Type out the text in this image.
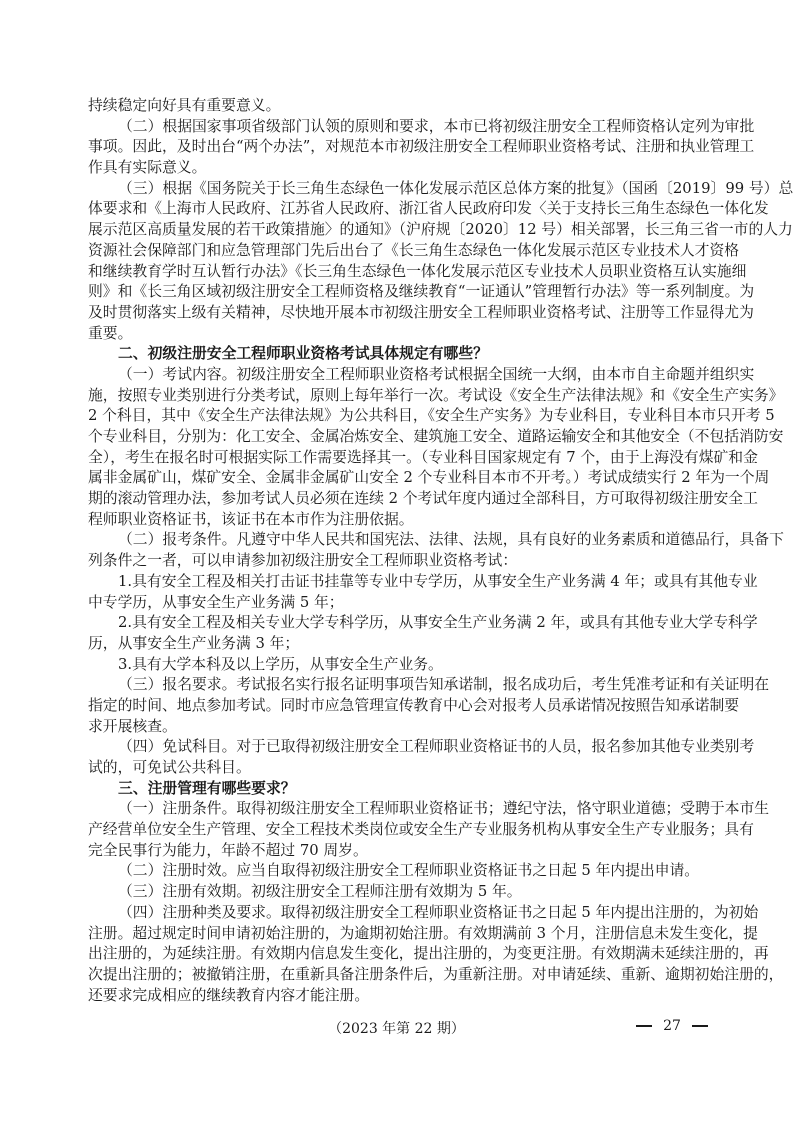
持续稳定向好具有重要意义。
（二）根据国家事项省级部门认领的原则和要求，本市已将初级注册安全工程师资格认定列为审批
事项。因此，及时出台“两个办法”，对规范本市初级注册安全工程师职业资格考试、注册和执业管理工
作具有实际意义。
（三）根据《国务院关于长三角生态绿色一体化发展示范区总体方案的批复》（国函〔2019〕99 号）总
体要求和《上海市人民政府、江苏省人民政府、浙江省人民政府印发〈关于支持长三角生态绿色一体化发
展示范区高质量发展的若干政策措施〉的通知》（沪府规〔2020〕12 号）相关部署，长三角三省一市的人力
资源社会保障部门和应急管理部门先后出台了《长三角生态绿色一体化发展示范区专业技术人才资格
和继续教育学时互认暂行办法》《长三角生态绿色一体化发展示范区专业技术人员职业资格互认实施细
则》和《长三角区域初级注册安全工程师资格及继续教育“一证通认”管理暂行办法》等一系列制度。为
及时贯彻落实上级有关精神，尽快地开展本市初级注册安全工程师职业资格考试、注册等工作显得尤为
重要。
二、初级注册安全工程师职业资格考试具体规定有哪些？
（一）考试内容。初级注册安全工程师职业资格考试根据全国统一大纲，由本市自主命题并组织实
施，按照专业类别进行分类考试，原则上每年举行一次。考试设《安全生产法律法规》和《安全生产实务》
2 个科目，其中《安全生产法律法规》为公共科目，《安全生产实务》为专业科目，专业科目本市只开考 5
个专业科目，分别为：化工安全、金属冶炼安全、建筑施工安全、道路运输安全和其他安全（不包括消防安
全），考生在报名时可根据实际工作需要选择其一。（专业科目国家规定有 7 个，由于上海没有煤矿和金
属非金属矿山，煤矿安全、金属非金属矿山安全 2 个专业科目本市不开考。）考试成绩实行 2 年为一个周
期的滚动管理办法，参加考试人员必须在连续 2 个考试年度内通过全部科目，方可取得初级注册安全工
程师职业资格证书，该证书在本市作为注册依据。
（二）报考条件。凡遵守中华人民共和国宪法、法律、法规，具有良好的业务素质和道德品行，具备下
列条件之一者，可以申请参加初级注册安全工程师职业资格考试：
1.具有安全工程及相关打击证书挂靠等专业中专学历，从事安全生产业务满 4 年；或具有其他专业
中专学历，从事安全生产业务满 5 年；
2.具有安全工程及相关专业大学专科学历，从事安全生产业务满 2 年，或具有其他专业大学专科学
历，从事安全生产业务满 3 年；
3.具有大学本科及以上学历，从事安全生产业务。
（三）报名要求。考试报名实行报名证明事项告知承诺制，报名成功后，考生凭准考证和有关证明在
指定的时间、地点参加考试。同时市应急管理宣传教育中心会对报考人员承诺情况按照告知承诺制要
求开展核查。
（四）免试科目。对于已取得初级注册安全工程师职业资格证书的人员，报名参加其他专业类别考
试的，可免试公共科目。
三、注册管理有哪些要求？
（一）注册条件。取得初级注册安全工程师职业资格证书；遵纪守法，恪守职业道德；受聘于本市生
产经营单位安全生产管理、安全工程技术类岗位或安全生产专业服务机构从事安全生产专业服务；具有
完全民事行为能力，年龄不超过 70 周岁。
（二）注册时效。应当自取得初级注册安全工程师职业资格证书之日起 5 年内提出申请。
（三）注册有效期。初级注册安全工程师注册有效期为 5 年。
（四）注册种类及要求。取得初级注册安全工程师职业资格证书之日起 5 年内提出注册的，为初始
注册。超过规定时间申请初始注册的，为逾期初始注册。有效期满前 3 个月，注册信息未发生变化，提
出注册的，为延续注册。有效期内信息发生变化，提出注册的，为变更注册。有效期满未延续注册的，再
次提出注册的；被撤销注册，在重新具备注册条件后，为重新注册。对申请延续、重新、逾期初始注册的，
还要求完成相应的继续教育内容才能注册。
（2023 年第 22 期）	27
